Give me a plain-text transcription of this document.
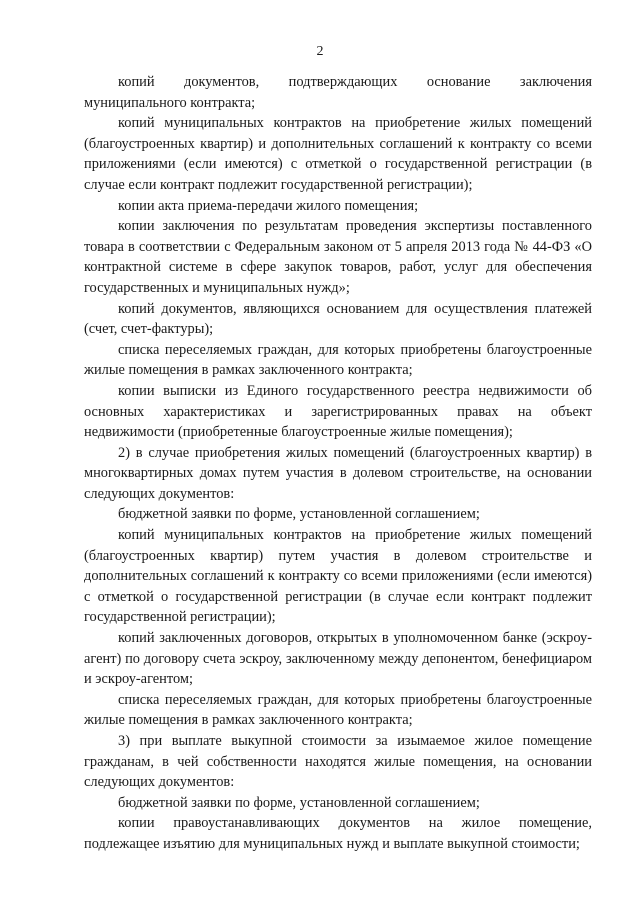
2

копий документов, подтверждающих основание заключения муниципального контракта;

копий муниципальных контрактов на приобретение жилых помещений (благоустроенных квартир) и дополнительных соглашений к контракту со всеми приложениями (если имеются) с отметкой о государственной регистрации (в случае если контракт подлежит государственной регистрации);

копии акта приема-передачи жилого помещения;

копии заключения по результатам проведения экспертизы поставленного товара в соответствии с Федеральным законом от 5 апреля 2013 года № 44-ФЗ «О контрактной системе в сфере закупок товаров, работ, услуг для обеспечения государственных и муниципальных нужд»;

копий документов, являющихся основанием для осуществления платежей (счет, счет-фактуры);

списка переселяемых граждан, для которых приобретены благоустроенные жилые помещения в рамках заключенного контракта;

копии выписки из Единого государственного реестра недвижимости об основных характеристиках и зарегистрированных правах на объект недвижимости (приобретенные благоустроенные жилые помещения);

2) в случае приобретения жилых помещений (благоустроенных квартир) в многоквартирных домах путем участия в долевом строительстве, на основании следующих документов:

бюджетной заявки по форме, установленной соглашением;

копий муниципальных контрактов на приобретение жилых помещений (благоустроенных квартир) путем участия в долевом строительстве и дополнительных соглашений к контракту со всеми приложениями (если имеются) с отметкой о государственной регистрации (в случае если контракт подлежит государственной регистрации);

копий заключенных договоров, открытых в уполномоченном банке (эскроу-агент) по договору счета эскроу, заключенному между депонентом, бенефициаром и эскроу-агентом;

списка переселяемых граждан, для которых приобретены благоустроенные жилые помещения в рамках заключенного контракта;

3) при выплате выкупной стоимости за изымаемое жилое помещение гражданам, в чей собственности находятся жилые помещения, на основании следующих документов:

бюджетной заявки по форме, установленной соглашением;

копии правоустанавливающих документов на жилое помещение, подлежащее изъятию для муниципальных нужд и выплате выкупной стоимости;
